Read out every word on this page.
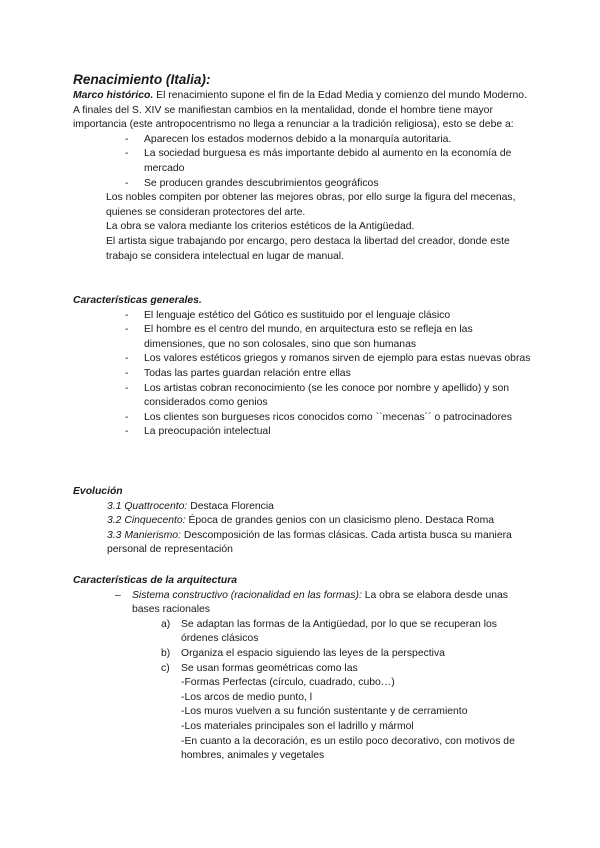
Renacimiento (Italia):
Marco histórico. El renacimiento supone el fin de la Edad Media y comienzo del mundo Moderno. A finales del S. XIV se manifiestan cambios en la mentalidad, donde el hombre tiene mayor importancia (este antropocentrismo no llega a renunciar a la tradición religiosa), esto se debe a:
- Aparecen los estados modernos debido a la monarquía autoritaria.
- La sociedad burguesa es más importante debido al aumento en la economía de mercado
- Se producen grandes descubrimientos geográficos
Los nobles compiten por obtener las mejores obras, por ello surge la figura del mecenas, quienes se consideran protectores del arte.
La obra se valora mediante los criterios estéticos de la Antigüedad.
El artista sigue trabajando por encargo, pero destaca la libertad del creador, donde este trabajo se considera intelectual en lugar de manual.
Características generales.
- El lenguaje estético del Gótico es sustituido por el lenguaje clásico
- El hombre es el centro del mundo, en arquitectura esto se refleja en las dimensiones, que no son colosales, sino que son humanas
- Los valores estéticos griegos y romanos sirven de ejemplo para estas nuevas obras
- Todas las partes guardan relación entre ellas
- Los artistas cobran reconocimiento (se les conoce por nombre y apellido) y son considerados como genios
- Los clientes son burgueses ricos conocidos como ``mecenas´´ o patrocinadores
- La preocupación intelectual
Evolución
3.1 Quattrocento: Destaca Florencia
3.2 Cinquecento: Época de grandes genios con un clasicismo pleno. Destaca Roma
3.3 Manierismo: Descomposición de las formas clásicas. Cada artista busca su maniera personal de representación
Características de la arquitectura
– Sistema constructivo (racionalidad en las formas): La obra se elabora desde unas bases racionales
a) Se adaptan las formas de la Antigüedad, por lo que se recuperan los órdenes clásicos
b) Organiza el espacio siguiendo las leyes de la perspectiva
c) Se usan formas geométricas como las
-Formas Perfectas (círculo, cuadrado, cubo…)
-Los arcos de medio punto, l
-Los muros vuelven a su función sustentante y de cerramiento
-Los materiales principales son el ladrillo y mármol
-En cuanto a la decoración, es un estilo poco decorativo, con motivos de hombres, animales y vegetales
